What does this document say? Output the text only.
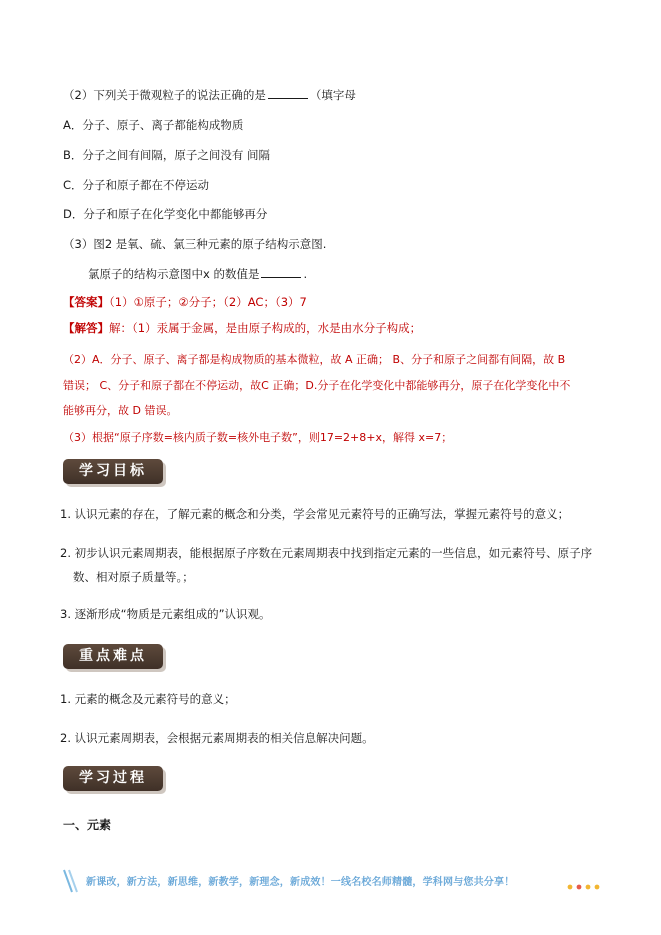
（2）下列关于微观粒子的说法正确的是	（填字母
A．分子、原子、离子都能构成物质
B．分子之间有间隔，原子之间没有 间隔
C．分子和原子都在不停运动
D．分子和原子在化学变化中都能够再分
（3）图2 是氧、硫、氯三种元素的原子结构示意图.
氯原子的结构示意图中x 的数值是	.
【答案】（1）①原子；②分子；（2）AC；（3）7
【解答】解：（1）汞属于金属，是由原子构成的，水是由水分子构成；
（2）A．分子、原子、离子都是构成物质的基本微粒，故 A 正确； B、分子和原子之间都有间隔，故 B
错误； C、分子和原子都在不停运动，故C 正确；D.分子在化学变化中都能够再分，原子在化学变化中不
能够再分，故 D 错误。
（3）根据“原子序数=核内质子数=核外电子数”，则17=2+8+x，解得 x=7；
学习目标
1. 认识元素的存在，了解元素的概念和分类，学会常见元素符号的正确写法，掌握元素符号的意义；
2. 初步认识元素周期表，能根据原子序数在元素周期表中找到指定元素的一些信息，如元素符号、原子序
数、相对原子质量等。；
3. 逐渐形成“物质是元素组成的”认识观。
重点难点
1. 元素的概念及元素符号的意义；
2. 认识元素周期表，会根据元素周期表的相关信息解决问题。
学习过程
一、元素
新课改，新方法，新思维，新教学，新理念，新成效！一线名校名师精髓，学科网与您共分享！
